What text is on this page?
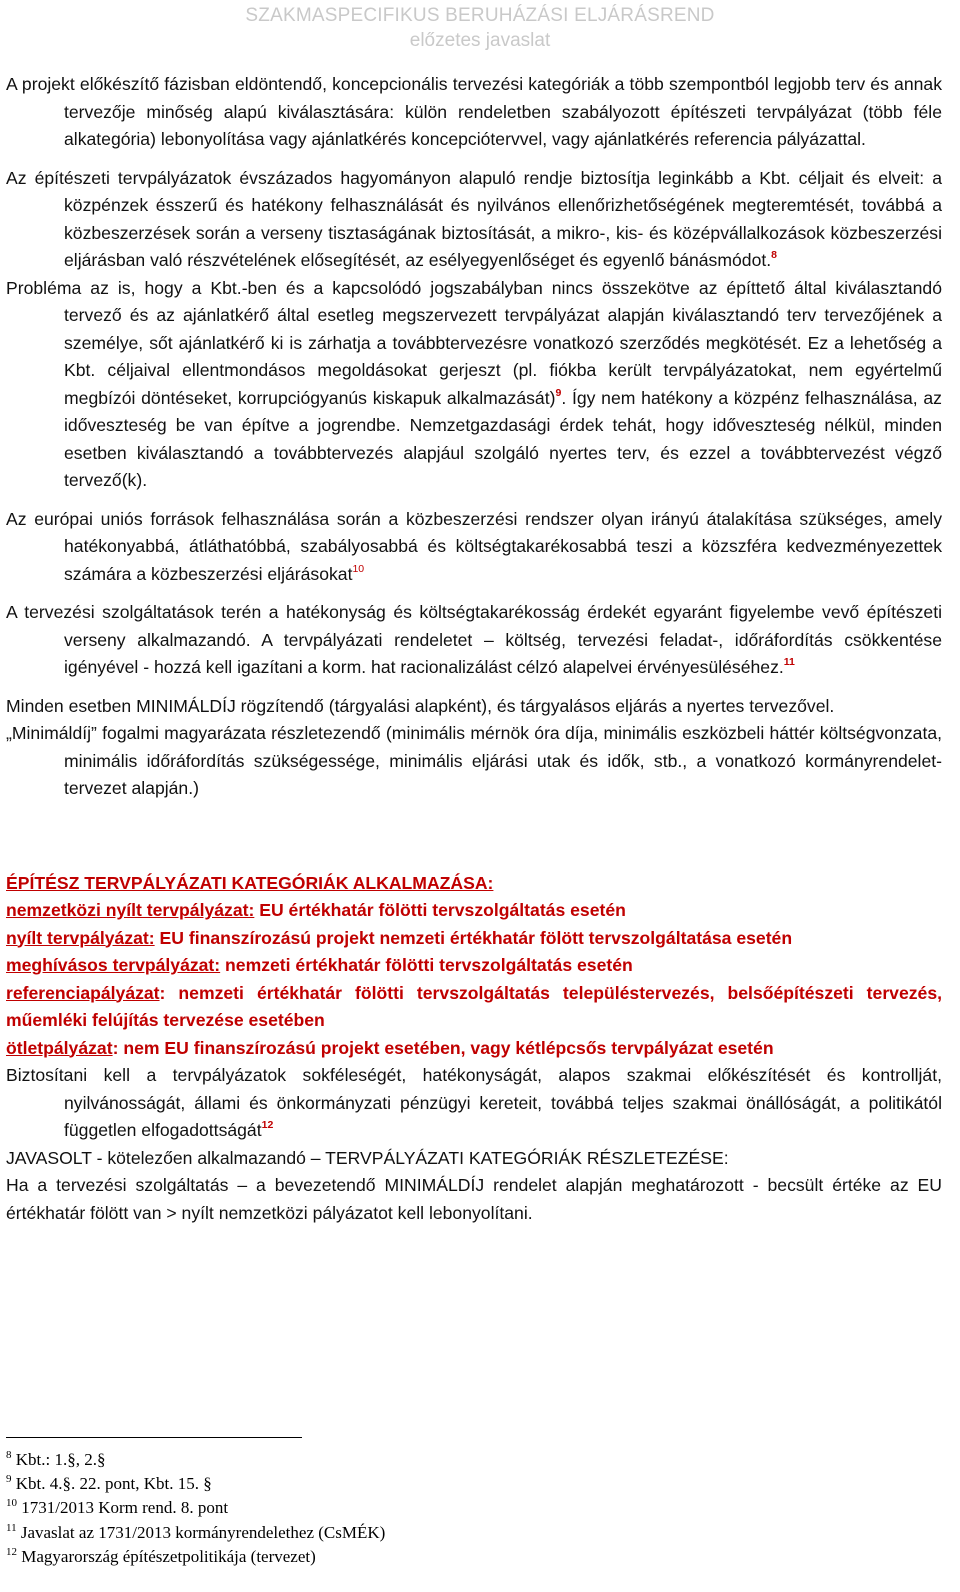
SZAKMASPECIFIKUS BERUHÁZÁSI ELJÁRÁSREND
előzetes javaslat
A projekt előkészítő fázisban eldöntendő, koncepcionális tervezési kategóriák a több szempontból legjobb terv és annak tervezője minőség alapú kiválasztására: külön rendeletben szabályozott építészeti tervpályázat (több féle alkategória) lebonyolítása vagy ajánlatkérés koncepciótervvel, vagy ajánlatkérés referencia pályázattal.
Az építészeti tervpályázatok évszázados hagyományon alapuló rendje biztosítja leginkább a Kbt. céljait és elveit: a közpénzek ésszerű és hatékony felhasználását és nyilvános ellenőrizhetőségének megteremtését, továbbá a közbeszerzések során a verseny tisztaságának biztosítását, a mikro-, kis- és középvállalkozások közbeszerzési eljárásban való részvételének elősegítését, az esélyegyenlőséget és egyenlő bánásmódot.$^8$
Probléma az is, hogy a Kbt.-ben és a kapcsolódó jogszabályban nincs összekötve az építtető által kiválasztandó tervező és az ajánlatkérő által esetleg megszervezett tervpályázat alapján kiválasztandó terv tervezőjének a személye, sőt ajánlatkérő ki is zárhatja a továbbtervezésre vonatkozó szerződés megkötését. Ez a lehetőség a Kbt. céljaival ellentmondásos megoldásokat gerjeszt (pl. fiókba került tervpályázatokat, nem egyértelmű megbízói döntéseket, korrupciógyanús kiskapuk alkalmazását)$^9$. Így nem hatékony a közpénz felhasználása, az időveszteség be van építve a jogrendbe. Nemzetgazdasági érdek tehát, hogy időveszteség nélkül, minden esetben kiválasztandó a továbbtervezés alapjául szolgáló nyertes terv, és ezzel a továbbtervezést végző tervező(k).
Az európai uniós források felhasználása során a közbeszerzési rendszer olyan irányú átalakítása szükséges, amely hatékonyabbá, átláthatóbbá, szabályosabbá és költségtakarékosabbá teszi a közszféra kedvezményezettek számára a közbeszerzési eljárásokat$^{10}$
A tervezési szolgáltatások terén a hatékonyság és költségtakarékosság érdekét egyaránt figyelembe vevő építészeti verseny alkalmazandó. A tervpályázati rendeletet – költség, tervezési feladat-, időráfordítás csökkentése igényével - hozzá kell igazítani a korm. hat racionalizálást célzó alapelvei érvényesüléséhez.$^{11}$
Minden esetben MINIMÁLDÍJ rögzítendő (tárgyalási alapként), és tárgyalásos eljárás a nyertes tervezővel.
„Minimáldíj” fogalmi magyarázata részletezendő (minimális mérnök óra díja, minimális eszközbeli háttér költségvonzata, minimális időráfordítás szükségessége, minimális eljárási utak és idők, stb., a vonatkozó kormányrendelet-tervezet alapján.)
ÉPÍTÉSZ TERVPÁLYÁZATI KATEGÓRIÁK ALKALMAZÁSA:
nemzetközi nyílt tervpályázat: EU értékhatár fölötti tervszolgáltatás esetén
nyílt tervpályázat: EU finanszírozású projekt nemzeti értékhatár fölött tervszolgáltatása esetén
meghívásos tervpályázat: nemzeti értékhatár fölötti tervszolgáltatás esetén
referenciapályázat: nemzeti értékhatár fölötti tervszolgáltatás településtervezés, belsőépítészeti tervezés, műemléki felújítás tervezése esetében
ötletpályázat: nem EU finanszírozású projekt esetében, vagy kétlépcsős tervpályázat esetén
Biztosítani kell a tervpályázatok sokféleségét, hatékonyságát, alapos szakmai előkészítését és kontrollját, nyilvánosságát, állami és önkormányzati pénzügyi kereteit, továbbá teljes szakmai önállóságát, a politikától független elfogadottságát$^{12}$
JAVASOLT - kötelezően alkalmazandó – TERVPÁLYÁZATI KATEGÓRIÁK RÉSZLETEZÉSE:
Ha a tervezési szolgáltatás – a bevezetendő MINIMÁLDÍJ rendelet alapján meghatározott - becsült értéke az EU értékhatár fölött van > nyílt nemzetközi pályázatot kell lebonyolítani.
$^8$ Kbt.: 1.§, 2.§
$^9$ Kbt. 4.§. 22. pont, Kbt. 15. §
$^{10}$ 1731/2013 Korm rend. 8. pont
$^{11}$ Javaslat az 1731/2013 kormányrendelethez (CsMÉK)
$^{12}$ Magyarország építészetpolitikája (tervezet)
